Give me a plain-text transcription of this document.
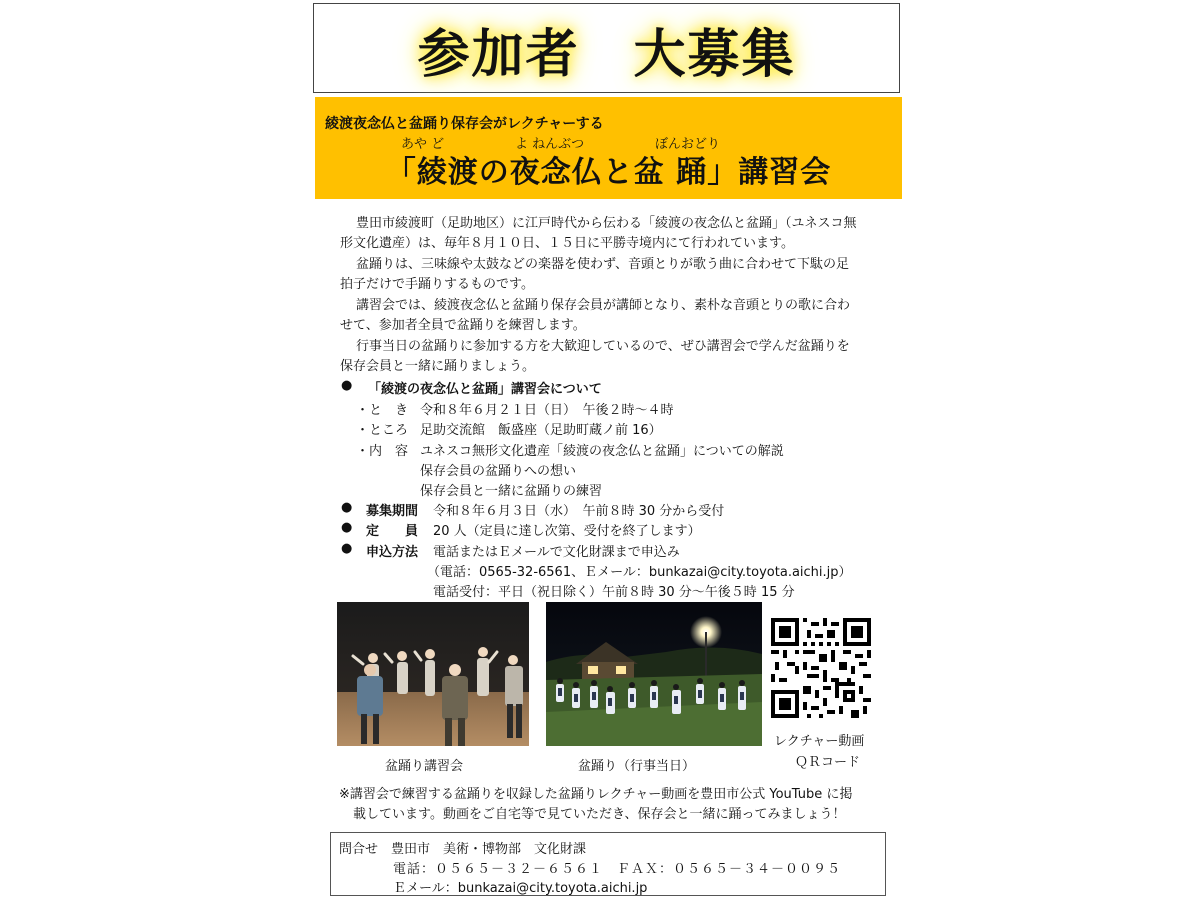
参加者　大募集
綾渡夜念仏と盆踊り保存会がレクチャーする
あや ど	よ ねんぶつ	ぼんおどり
「綾渡の夜念仏と盆 踊」講習会
豊田市綾渡町（足助地区）に江戸時代から伝わる「綾渡の夜念仏と盆踊」（ユネスコ無
形文化遺産）は、毎年８月１０日、１５日に平勝寺境内にて行われています。
盆踊りは、三味線や太鼓などの楽器を使わず、音頭とりが歌う曲に合わせて下駄の足
拍子だけで手踊りするものです。
講習会では、綾渡夜念仏と盆踊り保存会員が講師となり、素朴な音頭とりの歌に合わ
せて、参加者全員で盆踊りを練習します。
行事当日の盆踊りに参加する方を大歓迎しているので、ぜひ講習会で学んだ盆踊りを
保存会員と一緒に踊りましょう。
● 「綾渡の夜念仏と盆踊」講習会について
・と　き 令和８年６月２１日（日）　午後２時～４時
・ところ 足助交流館　飯盛座（足助町蔵ノ前 16）
・内　容 ユネスコ無形文化遺産「綾渡の夜念仏と盆踊」についての解説
保存会員の盆踊りへの想い
保存会員と一緒に盆踊りの練習
● 募集期間 令和８年６月３日（水）　午前８時 30 分から受付
● 定　　員 20 人（定員に達し次第、受付を終了します）
● 申込方法 電話またはＥメールで文化財課まで申込み
（電話：0565-32-6561、Ｅメール：bunkazai@city.toyota.aichi.jp）
電話受付：平日（祝日除く）午前８時 30 分～午後５時 15 分
盆踊り講習会	盆踊り（行事当日）
レクチャー動画
ＱＲコード
※講習会で練習する盆踊りを収録した盆踊りレクチャー動画を豊田市公式 YouTube に掲
載しています。動画をご自宅等で見ていただき、保存会と一緒に踊ってみましょう！
問合せ　豊田市　美術・博物部　文化財課
電話：０５６５－３２－６５６１　ＦＡＸ：０５６５－３４－００９５
Ｅメール：bunkazai@city.toyota.aichi.jp
